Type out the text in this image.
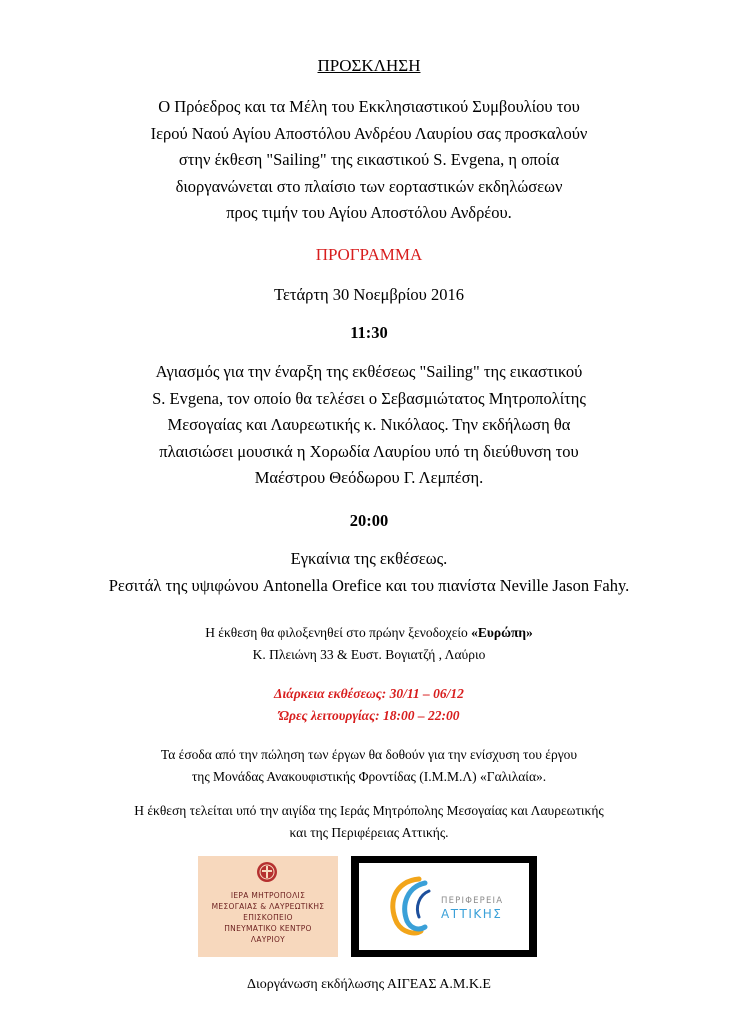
ΠΡΟΣΚΛΗΣΗ
Ο Πρόεδρος και τα Μέλη του Εκκλησιαστικού Συμβουλίου του
Ιερού Ναού Αγίου Αποστόλου Ανδρέου Λαυρίου σας προσκαλούν
στην έκθεση "Sailing" της εικαστικού S. Evgena, η οποία
διοργανώνεται στο πλαίσιο των εορταστικών εκδηλώσεων
προς τιμήν του Αγίου Αποστόλου Ανδρέου.
ΠΡΟΓΡΑΜΜΑ
Τετάρτη 30 Νοεμβρίου 2016
11:30
Αγιασμός για την έναρξη της εκθέσεως "Sailing" της εικαστικού
S. Evgena, τον οποίο θα τελέσει ο Σεβασμιώτατος Μητροπολίτης
Μεσογαίας και Λαυρεωτικής κ. Νικόλαος. Την εκδήλωση θα
πλαισιώσει μουσικά η Χορωδία Λαυρίου υπό τη διεύθυνση του
Μαέστρου Θεόδωρου Γ. Λεμπέση.
20:00
Εγκαίνια της εκθέσεως.
Ρεσιτάλ της υψιφώνου Antonella Orefice και του πιανίστα Neville Jason Fahy.
Η έκθεση θα φιλοξενηθεί στο πρώην ξενοδοχείο «Ευρώπη»
Κ. Πλειώνη 33 & Ευστ. Βογιατζή , Λαύριο
Διάρκεια εκθέσεως: 30/11 – 06/12
Ώρες λειτουργίας: 18:00 – 22:00
Τα έσοδα από την πώληση των έργων θα δοθούν για την ενίσχυση του έργου
της Μονάδας Ανακουφιστικής Φροντίδας (Ι.Μ.Μ.Λ) «Γαλιλαία».
Η έκθεση τελείται υπό την αιγίδα της Ιεράς Μητρόπολης Μεσογαίας και Λαυρεωτικής
και της Περιφέρειας Αττικής.
ΙΕΡΑ ΜΗΤΡΟΠΟΛΙΣ
ΜΕΣΟΓΑΙΑΣ & ΛΑΥΡΕΩΤΙΚΗΣ
ΕΠΙΣΚΟΠΕΙΟ
ΠΝΕΥΜΑΤΙΚΟ ΚΕΝΤΡΟ
ΛΑΥΡΙΟΥ
ΠΕΡΙΦΕΡΕΙΑ
ΑΤΤΙΚΗΣ
Διοργάνωση εκδήλωσης ΑΙΓΕΑΣ Α.Μ.Κ.Ε
